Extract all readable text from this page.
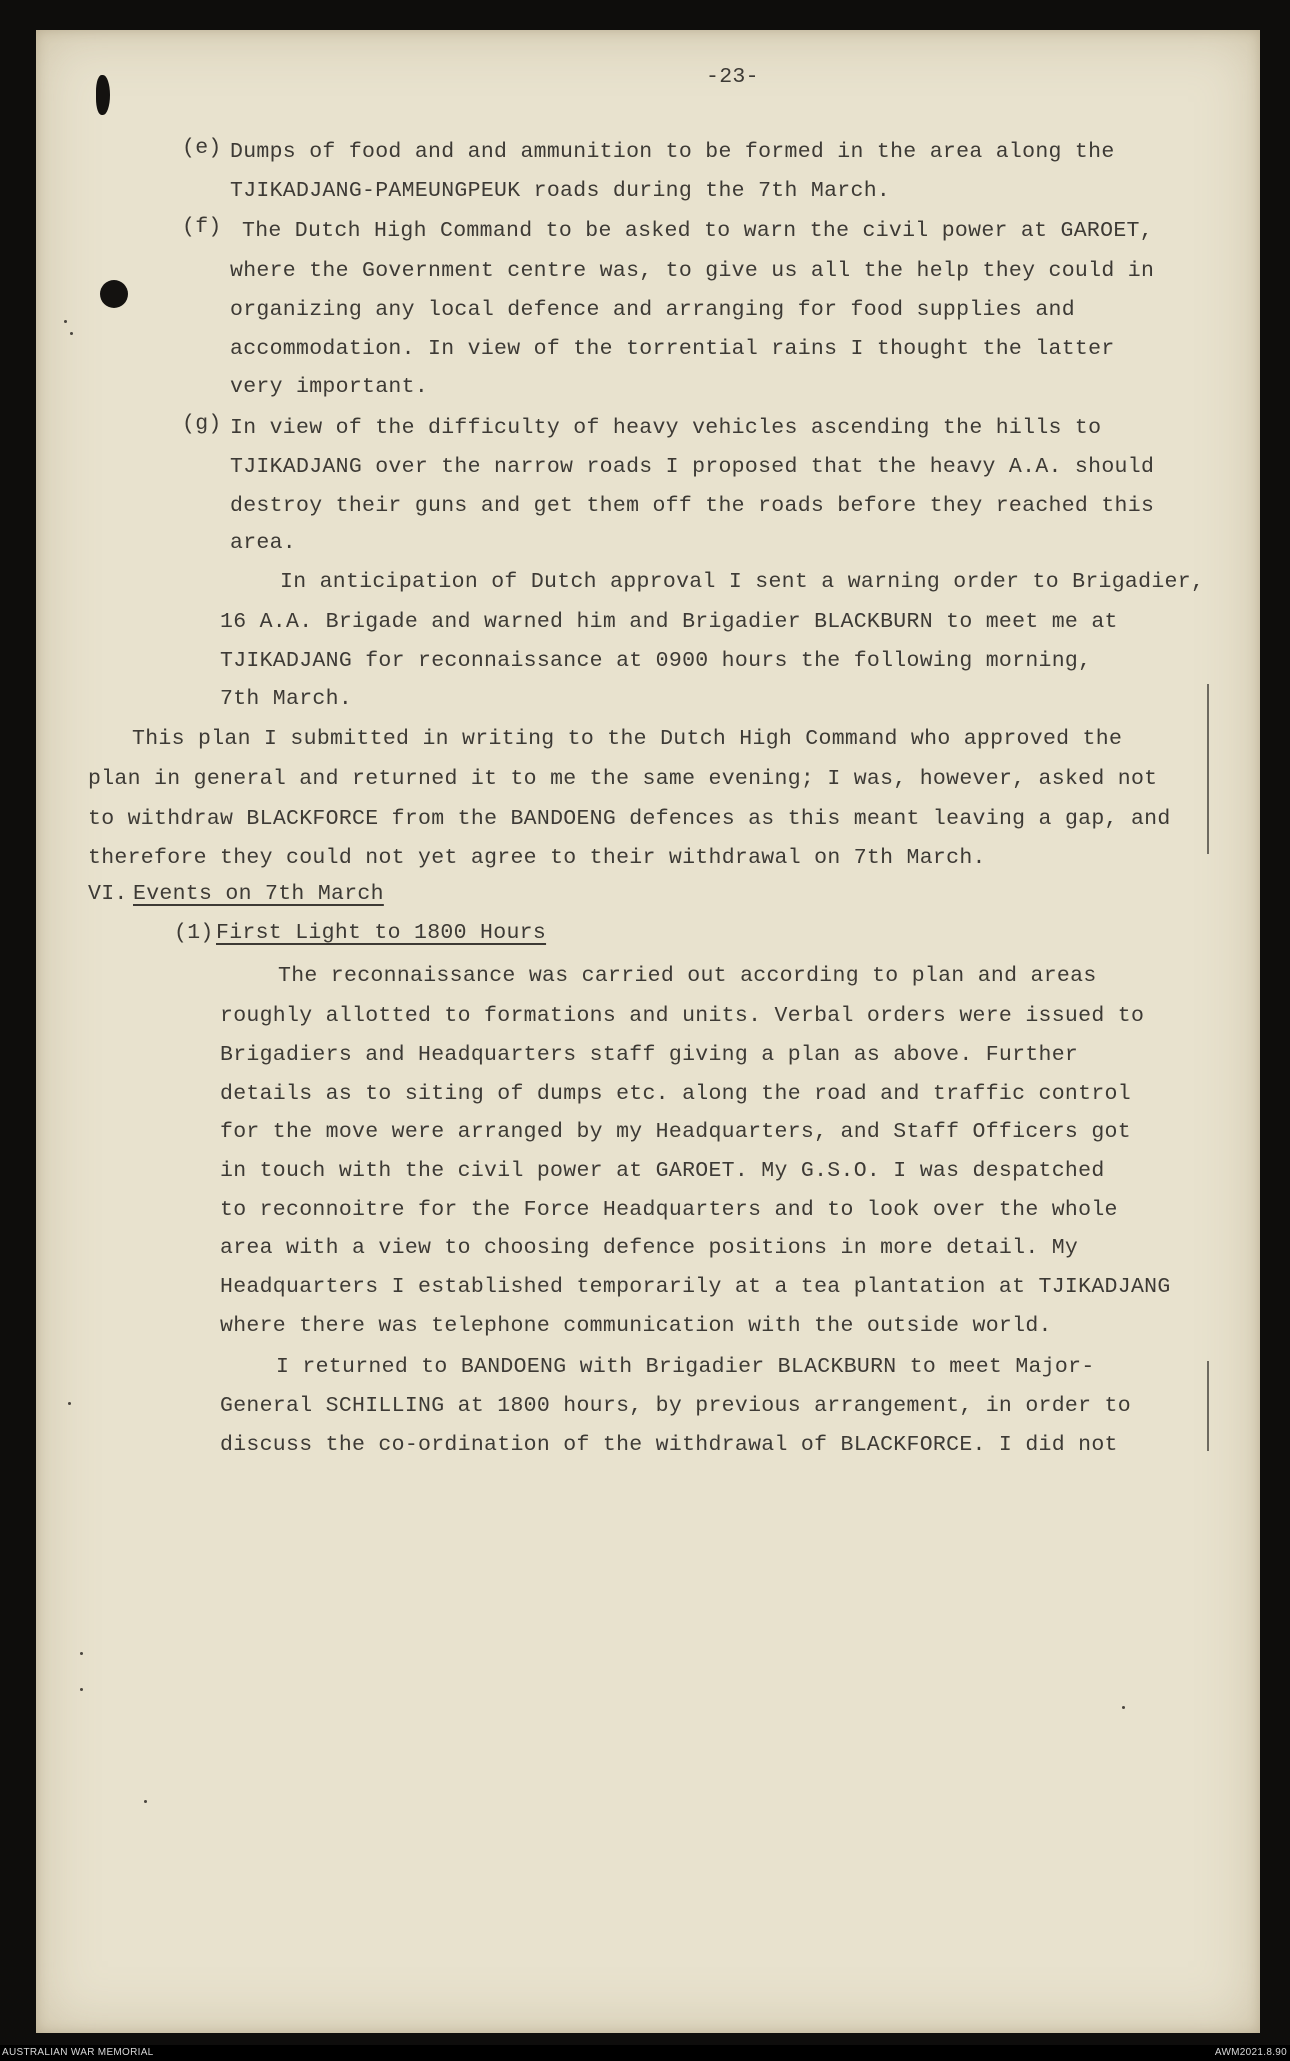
-23-
(e) Dumps of food and and ammunition to be formed in the area along the
TJIKADJANG-PAMEUNGPEUK roads during the 7th March.
(f) The Dutch High Command to be asked to warn the civil power at GAROET,
where the Government centre was, to give us all the help they could in
organizing any local defence and arranging for food supplies and
accommodation. In view of the torrential rains I thought the latter
very important.
(g) In view of the difficulty of heavy vehicles ascending the hills to
TJIKADJANG over the narrow roads I proposed that the heavy A.A. should
destroy their guns and get them off the roads before they reached this
area.
In anticipation of Dutch approval I sent a warning order to Brigadier,
16 A.A. Brigade and warned him and Brigadier BLACKBURN to meet me at
TJIKADJANG for reconnaissance at 0900 hours the following morning,
7th March.
This plan I submitted in writing to the Dutch High Command who approved the
plan in general and returned it to me the same evening; I was, however, asked not
to withdraw BLACKFORCE from the BANDOENG defences as this meant leaving a gap, and
therefore they could not yet agree to their withdrawal on 7th March.
VI. Events on 7th March
(1) First Light to 1800 Hours
The reconnaissance was carried out according to plan and areas
roughly allotted to formations and units. Verbal orders were issued to
Brigadiers and Headquarters staff giving a plan as above. Further
details as to siting of dumps etc. along the road and traffic control
for the move were arranged by my Headquarters, and Staff Officers got
in touch with the civil power at GAROET. My G.S.O. I was despatched
to reconnoitre for the Force Headquarters and to look over the whole
area with a view to choosing defence positions in more detail. My
Headquarters I established temporarily at a tea plantation at TJIKADJANG
where there was telephone communication with the outside world.
I returned to BANDOENG with Brigadier BLACKBURN to meet Major-
General SCHILLING at 1800 hours, by previous arrangement, in order to
discuss the co-ordination of the withdrawal of BLACKFORCE. I did not
AUSTRALIAN WAR MEMORIAL	AWM2021.8.90
